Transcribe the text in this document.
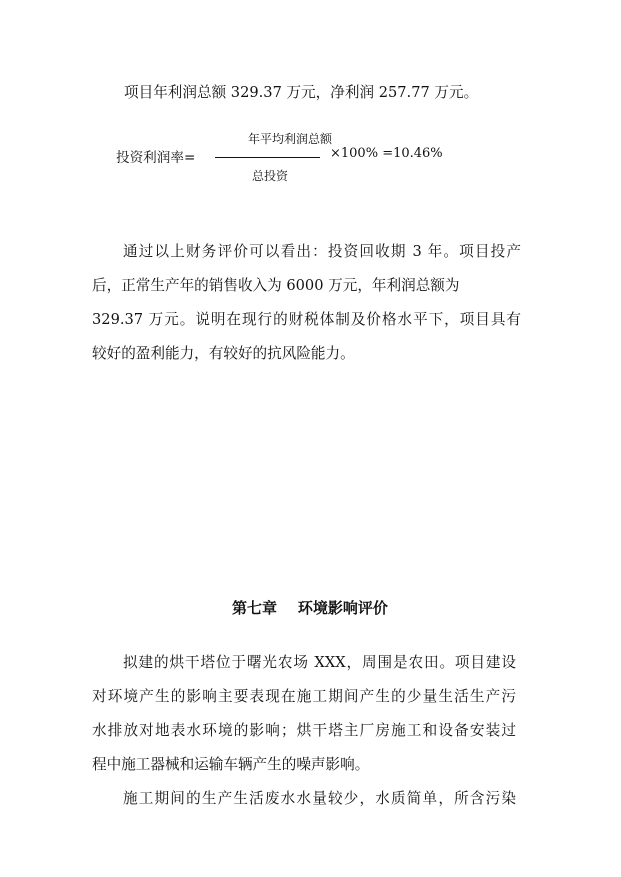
项目年利润总额 329.37 万元，净利润 257.77 万元。
投资利润率=
年平均利润总额
总投资
×100% =10.46%
通过以上财务评价可以看出：投资回收期 3 年。项目投产
后，正常生产年的销售收入为 6000 万元，年利润总额为
329.37 万元。说明在现行的财税体制及价格水平下，项目具有
较好的盈利能力，有较好的抗风险能力。
第七章    环境影响评价
拟建的烘干塔位于曙光农场 XXX，周围是农田。项目建设
对环境产生的影响主要表现在施工期间产生的少量生活生产污
水排放对地表水环境的影响；烘干塔主厂房施工和设备安装过
程中施工器械和运输车辆产生的噪声影响。
施工期间的生产生活废水水量较少，水质简单，所含污染
